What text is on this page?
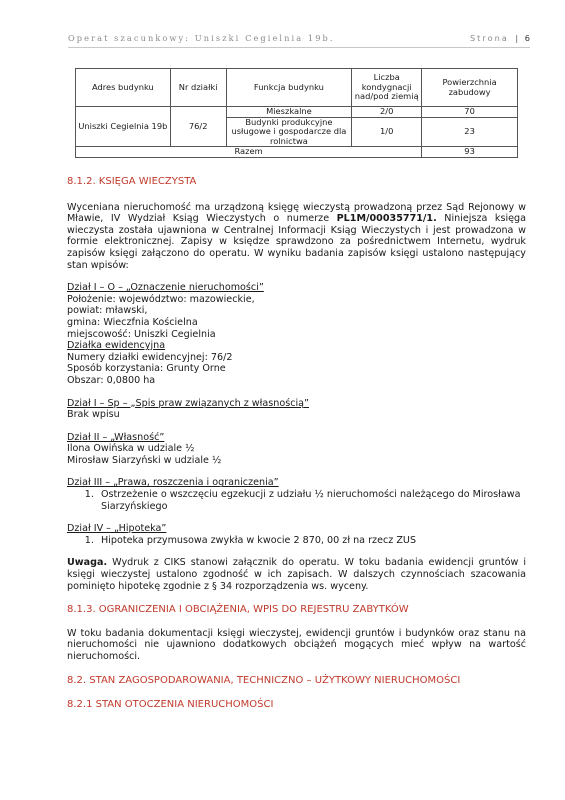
Operat szacunkowy: Uniszki Cegielnia 19b.	Strona | 6
Adres budynku	Nr działki	Funkcja budynku	Liczba kondygnacji nad/pod ziemią	Powierzchnia zabudowy
Uniszki Cegielnia 19b	76/2	Mieszkalne	2/0	70
		Budynki produkcyjne usługowe i gospodarcze dla rolnictwa	1/0	23
Razem				93

8.1.2. KSIĘGA WIECZYSTA

Wyceniana nieruchomość ma urządzoną księgę wieczystą prowadzoną przez Sąd Rejonowy w Mławie, IV Wydział Ksiąg Wieczystych o numerze PL1M/00035771/1. Niniejsza księga wieczysta została ujawniona w Centralnej Informacji Ksiąg Wieczystych i jest prowadzona w formie elektronicznej. Zapisy w księdze sprawdzono za pośrednictwem Internetu, wydruk zapisów księgi załączono do operatu. W wyniku badania zapisów księgi ustalono następujący stan wpisów:

Dział I – O – „Oznaczenie nieruchomości”

Położenie: województwo: mazowieckie,

powiat: mławski,

gmina: Wieczfnia Kościelna

miejscowość: Uniszki Cegielnia

Działka ewidencyjna

Numery działki ewidencyjnej: 76/2

Sposób korzystania: Grunty Orne

Obszar: 0,0800 ha

Dział I – Sp – „Spis praw związanych z własnością”

Brak wpisu

Dział II – „Własność”

Ilona Owińska w udziale ½

Mirosław Siarzyński w udziale ½

Dział III – „Prawa, roszczenia i ograniczenia”

1. Ostrzeżenie o wszczęciu egzekucji z udziału ½ nieruchomości należącego do Mirosława Siarzyńskiego

Dział IV – „Hipoteka”

1. Hipoteka przymusowa zwykła w kwocie 2 870, 00 zł na rzecz ZUS

Uwaga. Wydruk z CIKS stanowi załącznik do operatu. W toku badania ewidencji gruntów i księgi wieczystej ustalono zgodność w ich zapisach. W dalszych czynnościach szacowania pominięto hipotekę zgodnie z § 34 rozporządzenia ws. wyceny.

8.1.3. OGRANICZENIA I OBCIĄŻENIA, WPIS DO REJESTRU ZABYTKÓW

W toku badania dokumentacji księgi wieczystej, ewidencji gruntów i budynków oraz stanu na nieruchomości nie ujawniono dodatkowych obciążeń mogących mieć wpływ na wartość nieruchomości.

8.2. STAN ZAGOSPODAROWANIA, TECHNICZNO – UŻYTKOWY NIERUCHOMOŚCI

8.2.1 STAN OTOCZENIA NIERUCHOMOŚCI
